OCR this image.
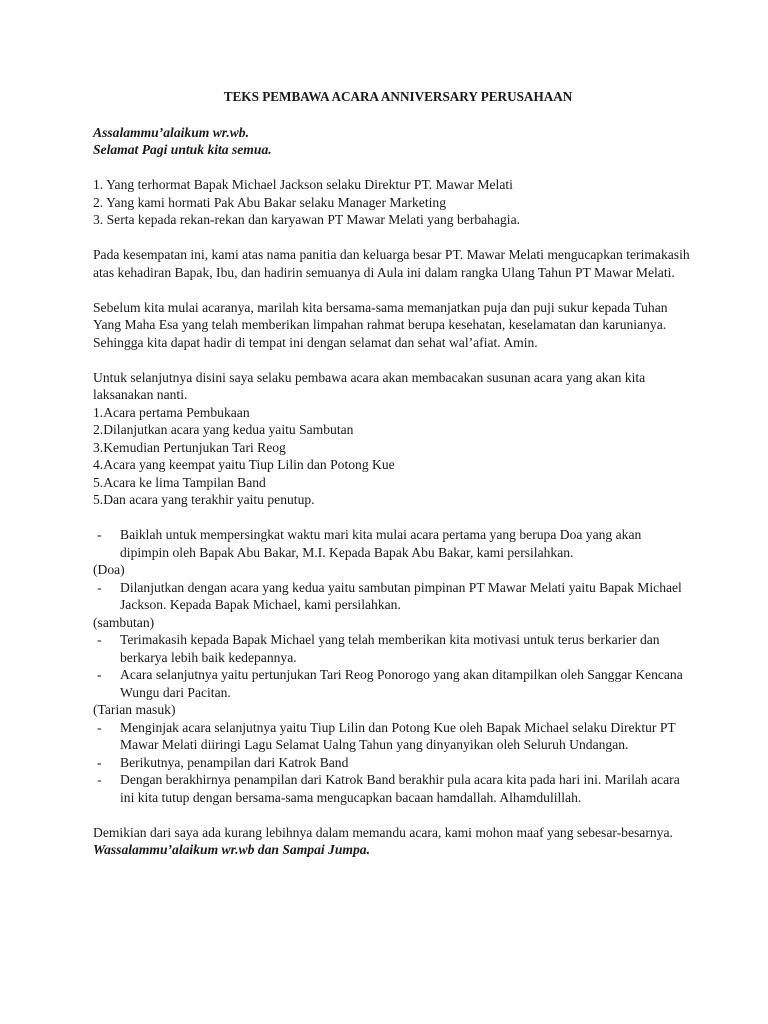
TEKS PEMBAWA ACARA ANNIVERSARY PERUSAHAAN

Assalammu’alaikum wr.wb.

Selamat Pagi untuk kita semua.

1. Yang terhormat Bapak Michael Jackson selaku Direktur PT. Mawar Melati

2. Yang kami hormati Pak Abu Bakar selaku Manager Marketing

3. Serta kepada rekan-rekan dan karyawan PT Mawar Melati yang berbahagia.

Pada kesempatan ini, kami atas nama panitia dan keluarga besar PT. Mawar Melati mengucapkan terimakasih atas kehadiran Bapak, Ibu, dan hadirin semuanya di Aula ini dalam rangka Ulang Tahun PT Mawar Melati.

Sebelum kita mulai acaranya, marilah kita bersama-sama memanjatkan puja dan puji sukur kepada Tuhan Yang Maha Esa yang telah memberikan limpahan rahmat berupa kesehatan, keselamatan dan karunianya. Sehingga kita dapat hadir di tempat ini dengan selamat dan sehat wal’afiat. Amin.

Untuk selanjutnya disini saya selaku pembawa acara akan membacakan susunan acara yang akan kita laksanakan nanti.

1.Acara pertama Pembukaan

2.Dilanjutkan acara yang kedua yaitu Sambutan

3.Kemudian Pertunjukan Tari Reog

4.Acara yang keempat yaitu Tiup Lilin dan Potong Kue

5.Acara ke lima Tampilan Band

5.Dan acara yang terakhir yaitu penutup.

- Baiklah untuk mempersingkat waktu mari kita mulai acara pertama yang berupa Doa yang akan dipimpin oleh Bapak Abu Bakar, M.I. Kepada Bapak Abu Bakar, kami persilahkan.

(Doa)

- Dilanjutkan dengan acara yang kedua yaitu sambutan pimpinan PT Mawar Melati yaitu Bapak Michael Jackson. Kepada Bapak Michael, kami persilahkan.

(sambutan)

- Terimakasih kepada Bapak Michael yang telah memberikan kita motivasi untuk terus berkarier dan berkarya lebih baik kedepannya.
- Acara selanjutnya yaitu pertunjukan Tari Reog Ponorogo yang akan ditampilkan oleh Sanggar Kencana Wungu dari Pacitan.

(Tarian masuk)

- Menginjak acara selanjutnya yaitu Tiup Lilin dan Potong Kue oleh Bapak Michael selaku Direktur PT Mawar Melati diiringi Lagu Selamat Ualng Tahun yang dinyanyikan oleh Seluruh Undangan.
- Berikutnya, penampilan dari Katrok Band
- Dengan berakhirnya penampilan dari Katrok Band berakhir pula acara kita pada hari ini. Marilah acara ini kita tutup dengan bersama-sama mengucapkan bacaan hamdallah. Alhamdulillah.

Demikian dari saya ada kurang lebihnya dalam memandu acara, kami mohon maaf yang sebesar-besarnya.

Wassalammu’alaikum wr.wb dan Sampai Jumpa.
